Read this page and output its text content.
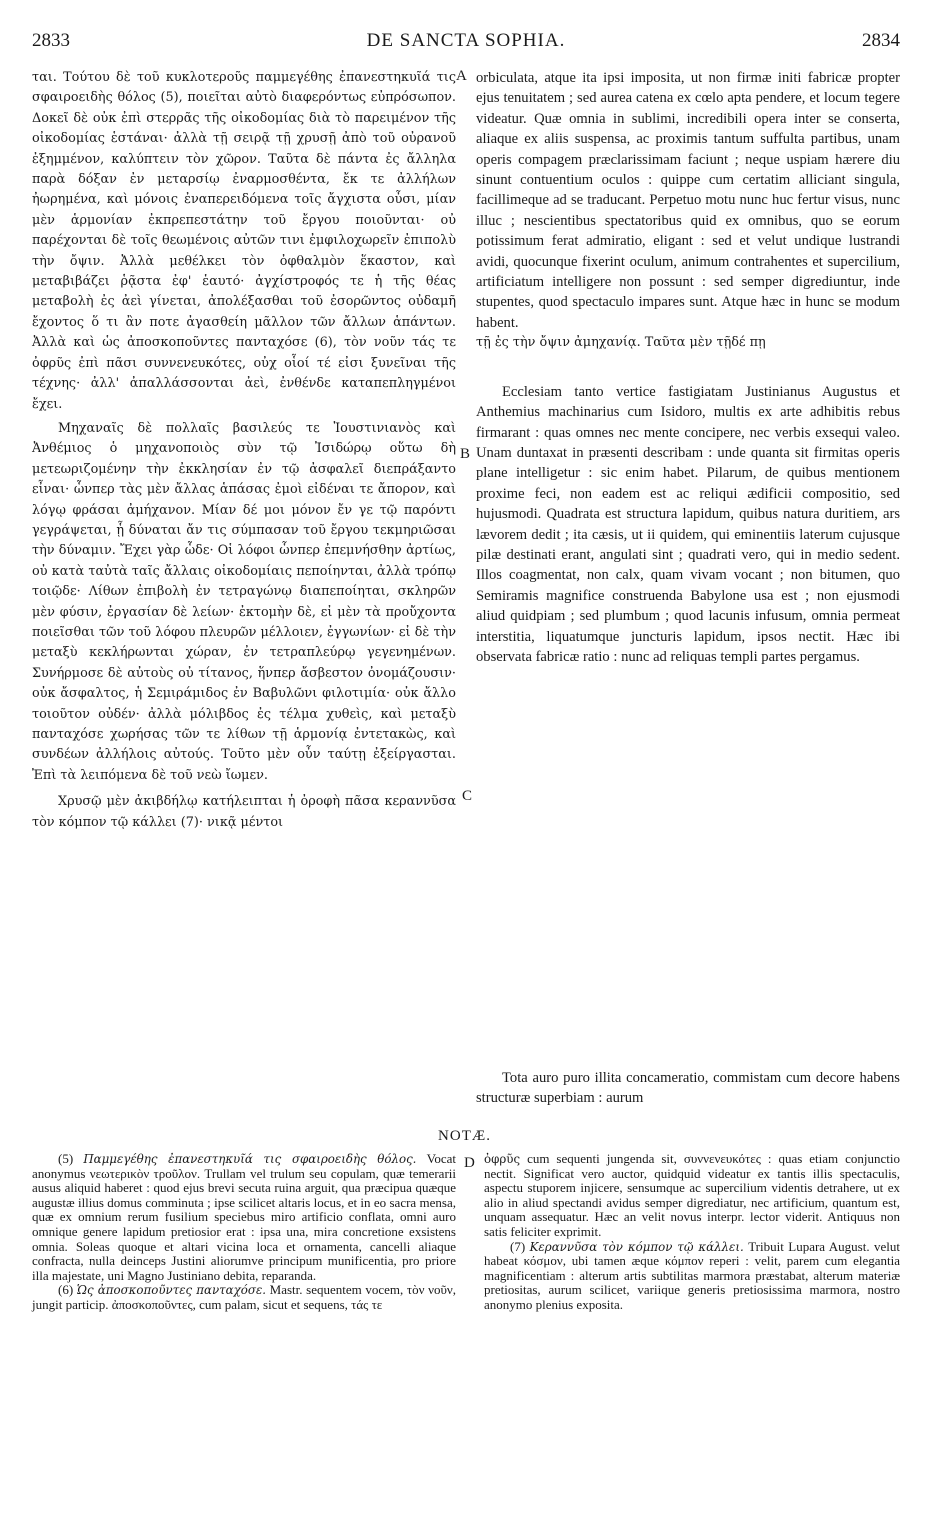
2833	DE SANCTA SOPHIA.	2834
A
B
C
D

ται. Τούτου δὲ τοῦ κυκλοτεροῦς παμμεγέθης ἐπανεστηκυῖά τις σφαιροειδὴς θόλος (5), ποιεῖται αὐτὸ διαφερόντως εὐπρόσωπον. Δοκεῖ δὲ οὐκ ἐπὶ στερρᾶς τῆς οἰκοδομίας διὰ τὸ παρειμένον τῆς οἰκοδομίας ἑστάναι· ἀλλὰ τῇ σειρᾷ τῇ χρυσῇ ἀπὸ τοῦ οὐρανοῦ ἐξημμένον, καλύπτειν τὸν χῶρον. Ταῦτα δὲ πάντα ἐς ἄλληλα παρὰ δόξαν ἐν μεταρσίῳ ἐναρμοσθέντα, ἔκ τε ἀλλήλων ἠωρημένα, καὶ μόνοις ἐναπερειδόμενα τοῖς ἄγχιστα οὖσι, μίαν μὲν ἁρμονίαν ἐκπρεπεστάτην τοῦ ἔργου ποιοῦνται· οὐ παρέχονται δὲ τοῖς θεωμένοις αὐτῶν τινι ἐμφιλοχωρεῖν ἐπιπολὺ τὴν ὄψιν. Ἀλλὰ μεθέλκει τὸν ὀφθαλμὸν ἕκαστον, καὶ μεταβιβάζει ῥᾷστα ἐφ' ἑαυτό· ἀγχίστροφός τε ἡ τῆς θέας μεταβολὴ ἐς ἀεὶ γίνεται, ἀπολέξασθαι τοῦ ἐσορῶντος οὐδαμῆ ἔχοντος ὅ τι ἂν ποτε ἀγασθείη μᾶλλον τῶν ἄλλων ἁπάντων. Ἀλλὰ καὶ ὡς ἀποσκοποῦντες πανταχόσε (6), τὸν νοῦν τάς τε ὀφρῦς ἐπὶ πᾶσι συννενευκότες, οὐχ οἷοί τέ εἰσι ξυνεῖναι τῆς τέχνης· ἀλλ' ἀπαλλάσσονται ἀεὶ, ἐνθένδε καταπεπληγμένοι ἔχει.

Μηχαναῖς δὲ πολλαῖς βασιλεύς τε Ἰουστινιανὸς καὶ Ἀνθέμιος ὁ μηχανοποιὸς σὺν τῷ Ἰσιδώρῳ οὕτω δὴ μετεωριζομένην τὴν ἐκκλησίαν ἐν τῷ ἀσφαλεῖ διεπράξαντο εἶναι· ὧνπερ τὰς μὲν ἄλλας ἁπάσας ἐμοὶ εἰδέναι τε ἄπορον, καὶ λόγῳ φράσαι ἀμήχανον. Μίαν δέ μοι μόνον ἔν γε τῷ παρόντι γεγράψεται, ᾗ δύναται ἄν τις σύμπασαν τοῦ ἔργου τεκμηριῶσαι τὴν δύναμιν. Ἔχει γὰρ ὧδε· Οἱ λόφοι ὧνπερ ἐπεμνήσθην ἀρτίως, οὐ κατὰ ταὐτὰ ταῖς ἄλλαις οἰκοδομίαις πεποίηνται, ἀλλὰ τρόπῳ τοιῷδε· Λίθων ἐπιβολὴ ἐν τετραγώνῳ διαπεποίηται, σκληρῶν μὲν φύσιν, ἐργασίαν δὲ λείων· ἐκτομὴν δὲ, εἰ μὲν τὰ προὔχοντα ποιεῖσθαι τῶν τοῦ λόφου πλευρῶν μέλλοιεν, ἐγγωνίων· εἰ δὲ τὴν μεταξὺ κεκλήρωνται χώραν, ἐν τετραπλεύρῳ γεγενημένων. Συνήρμοσε δὲ αὐτοὺς οὐ τίτανος, ἥνπερ ἄσβεστον ὀνομάζουσιν· οὐκ ἄσφαλτος, ἡ Σεμιράμιδος ἐν Βαβυλῶνι φιλοτιμία· οὐκ ἄλλο τοιοῦτον οὐδέν· ἀλλὰ μόλιβδος ἐς τέλμα χυθεὶς, καὶ μεταξὺ πανταχόσε χωρήσας τῶν τε λίθων τῇ ἁρμονίᾳ ἐντετακὼς, καὶ συνδέων ἀλλήλοις αὐτούς. Τοῦτο μὲν οὖν ταύτῃ ἐξείργασται. Ἐπὶ τὰ λειπόμενα δὲ τοῦ νεὼ ἴωμεν.

Χρυσῷ μὲν ἀκιβδήλῳ κατήλειπται ἡ ὀροφὴ πᾶσα κεραννῦσα τὸν κόμπον τῷ κάλλει (7)· νικᾷ μέντοι

orbiculata, atque ita ipsi imposita, ut non firmæ initi fabricæ propter ejus tenuitatem ; sed aurea catena ex cœlo apta pendere, et locum tegere videatur. Quæ omnia in sublimi, incredibili opera inter se conserta, aliaque ex aliis suspensa, ac proximis tantum suffulta partibus, unam operis compagem præclarissimam faciunt ; neque uspiam hærere diu sinunt contuentium oculos : quippe cum certatim alliciant singula, facillimeque ad se traducant. Perpetuo motu nunc huc fertur visus, nunc illuc ; nescientibus spectatoribus quid ex omnibus, quo se eorum potissimum ferat admiratio, eligant : sed et velut undique lustrandi avidi, quocunque fixerint oculum, animum contrahentes et supercilium, artificiatum intelligere non possunt : sed semper digrediuntur, inde stupentes, quod spectaculo impares sunt. Atque hæc in hunc se modum habent.

τῇ ἐς τὴν ὄψιν ἀμηχανίᾳ. Ταῦτα μὲν τῇδέ πῃ

Ecclesiam tanto vertice fastigiatam Justinianus Augustus et Anthemius machinarius cum Isidoro, multis ex arte adhibitis rebus firmarant : quas omnes nec mente concipere, nec verbis exsequi valeo. Unam duntaxat in præsenti describam : unde quanta sit firmitas operis plane intelligetur : sic enim habet. Pilarum, de quibus mentionem proxime feci, non eadem est ac reliqui ædificii compositio, sed hujusmodi. Quadrata est structura lapidum, quibus natura duritiem, ars lævorem dedit ; ita cæsis, ut ii quidem, qui eminentiis laterum cujusque pilæ destinati erant, angulati sint ; quadrati vero, qui in medio sedent. Illos coagmentat, non calx, quam vivam vocant ; non bitumen, quo Semiramis magnifice construenda Babylone usa est ; non ejusmodi aliud quidpiam ; sed plumbum ; quod lacunis infusum, omnia permeat interstitia, liquatumque juncturis lapidum, ipsos nectit. Hæc ibi observata fabricæ ratio : nunc ad reliquas templi partes pergamus.

Tota auro puro illita concameratio, commistam cum decore habens structuræ superbiam : aurum

NOTÆ.

(5) Παμμεγέθης ἐπανεστηκυῖά τις σφαιροειδὴς θόλος. Vocat anonymus νεωτερικὸν τροῦλον. Trullam vel trulum seu copulam, quæ temerarii ausus aliquid haberet : quod ejus brevi secuta ruina arguit, qua præcipua quæque augustæ illius domus comminuta ; ipse scilicet altaris locus, et in eo sacra mensa, quæ ex omnium rerum fusilium speciebus miro artificio conflata, omni auro omnique genere lapidum pretiosior erat : ipsa una, mira concretione exsistens omnia. Soleas quoque et altari vicina loca et ornamenta, cancelli aliaque confracta, nulla deinceps Justini aliorumve principum munificentia, pro priore illa majestate, uni Magno Justiniano debita, reparanda.

(6) Ὡς ἀποσκοποῦντες πανταχόσε. Mastr. sequentem vocem, τὸν νοῦν, jungit particip. ἀποσκοποῦντες, cum palam, sicut et sequens, τάς τε

ὀφρῦς cum sequenti jungenda sit, συννενευκότες : quas etiam conjunctio nectit. Significat vero auctor, quidquid videatur ex tantis illis spectaculis, aspectu stuporem injicere, sensumque ac supercilium videntis detrahere, ut ex alio in aliud spectandi avidus semper digrediatur, nec artificium, quantum est, unquam assequatur. Hæc an velit novus interpr. lector viderit. Antiquus non satis feliciter exprimit.

(7) Κεραννῦσα τὸν κόμπον τῷ κάλλει. Tribuit Lupara August. velut habeat κόσμον, ubi tamen æque κόμπον reperi : velit, parem cum elegantia magnificentiam : alterum artis subtilitas marmora præstabat, alterum materiæ pretiositas, aurum scilicet, variique generis pretiosissima marmora, nostro anonymo plenius exposita.
